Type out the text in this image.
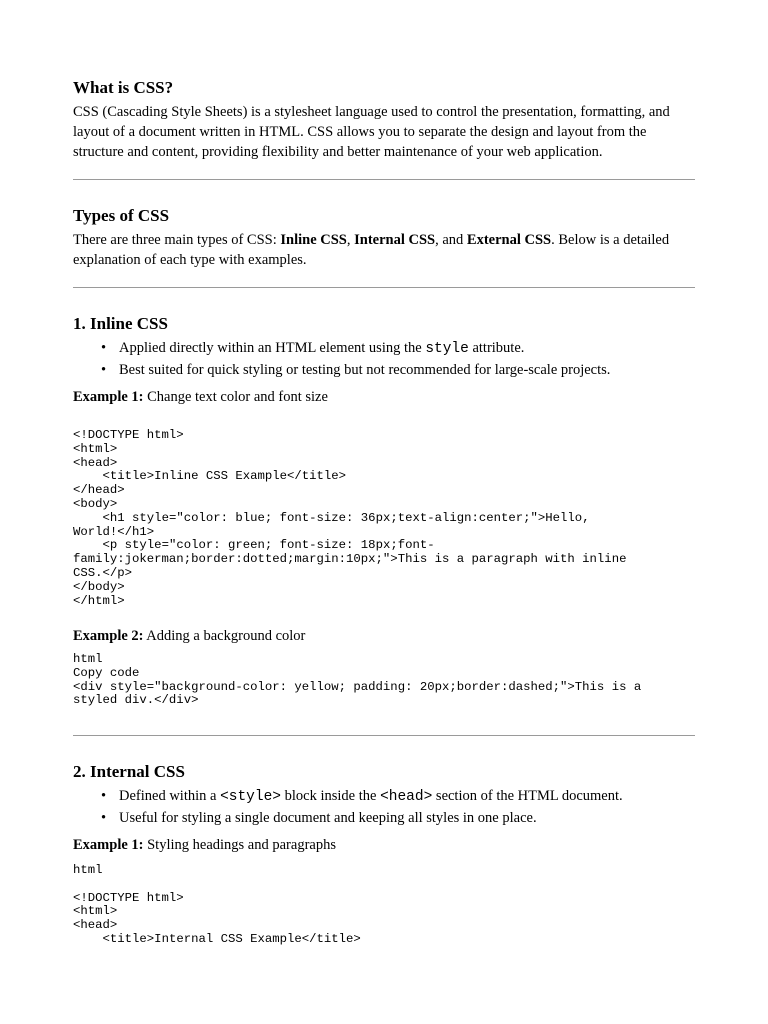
What is CSS?

CSS (Cascading Style Sheets) is a stylesheet language used to control the presentation, formatting, and layout of a document written in HTML. CSS allows you to separate the design and layout from the structure and content, providing flexibility and better maintenance of your web application.

Types of CSS

There are three main types of CSS: Inline CSS, Internal CSS, and External CSS. Below is a detailed explanation of each type with examples.

1. Inline CSS
• Applied directly within an HTML element using the style attribute.
• Best suited for quick styling or testing but not recommended for large-scale projects.

Example 1: Change text color and font size

<!DOCTYPE html>
<html>
<head>
<title>Inline CSS Example</title>
</head>
<body>
<h1 style="color: blue; font-size: 36px;text-align:center;">Hello,
World!</h1>
<p style="color: green; font-size: 18px;font-
family:jokerman;border:dotted;margin:10px;">This is a paragraph with inline
CSS.</p>
</body>
</html>

Example 2: Adding a background color

html
Copy code
<div style="background-color: yellow; padding: 20px;border:dashed;">This is a
styled div.</div>
2. Internal CSS
• Defined within a <style> block inside the <head> section of the HTML document.
• Useful for styling a single document and keeping all styles in one place.

Example 1: Styling headings and paragraphs

html

<!DOCTYPE html>
<html>
<head>
<title>Internal CSS Example</title>
